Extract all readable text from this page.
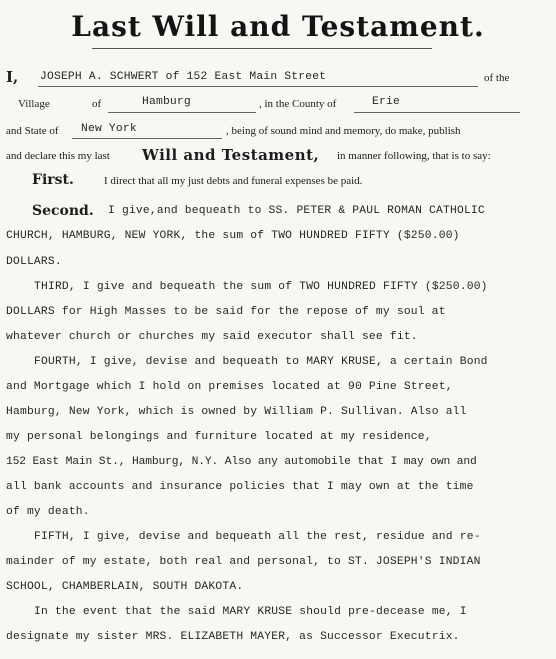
Last Will and Testament.
I, JOSEPH A. SCHWERT of 152 East Main Street	of the
Village	of	Hamburg	, in the County of	Erie
and State of New York	, being of sound mind and memory, do make, publish
and declare this my last Will and Testament, in manner following, that is to say:
First.	I direct that all my just debts and funeral expenses be paid.
Second. I give,and bequeath to SS. PETER & PAUL ROMAN CATHOLIC
CHURCH, HAMBURG, NEW YORK, the sum of TWO HUNDRED FIFTY ($250.00)
DOLLARS.
THIRD, I give and bequeath the sum of TWO HUNDRED FIFTY ($250.00)
DOLLARS for High Masses to be said for the repose of my soul at
whatever church or churches my said executor shall see fit.
FOURTH, I give, devise and bequeath to MARY KRUSE, a certain Bond
and Mortgage which I hold on premises located at 90 Pine Street,
Hamburg, New York, which is owned by William P. Sullivan. Also all
my personal belongings and furniture located at my residence,
152 East Main St., Hamburg, N.Y. Also any automobile that I may own and
all bank accounts and insurance policies that I may own at the time
of my death.
FIFTH, I give, devise and bequeath all the rest, residue and re-
mainder of my estate, both real and personal, to ST. JOSEPH'S INDIAN
SCHOOL, CHAMBERLAIN, SOUTH DAKOTA.
In the event that the said MARY KRUSE should pre-decease me, I
designate my sister MRS. ELIZABETH MAYER, as Successor Executrix.
